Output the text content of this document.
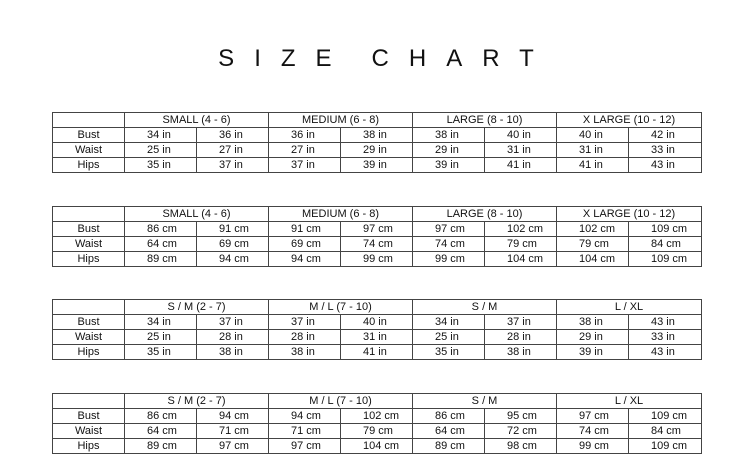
SIZE CHART
	SMALL (4 - 6)		MEDIUM (6 - 8)		LARGE (8 - 10)		X LARGE (10 - 12)	
Bust	34 in	36 in	36 in	38 in	38 in	40 in	40 in	42 in
Waist	25 in	27 in	27 in	29 in	29 in	31 in	31 in	33 in
Hips	35 in	37 in	37 in	39 in	39 in	41 in	41 in	43 in
	SMALL (4 - 6)		MEDIUM (6 - 8)		LARGE (8 - 10)		X LARGE (10 - 12)	
Bust	86 cm	91 cm	91 cm	97 cm	97 cm	102 cm	102 cm	109 cm
Waist	64 cm	69 cm	69 cm	74 cm	74 cm	79 cm	79 cm	84 cm
Hips	89 cm	94 cm	94 cm	99 cm	99 cm	104 cm	104 cm	109 cm
	S / M (2 - 7)		M / L (7 - 10)		S / M		L / XL	
Bust	34 in	37 in	37 in	40 in	34 in	37 in	38 in	43 in
Waist	25 in	28 in	28 in	31 in	25 in	28 in	29 in	33 in
Hips	35 in	38 in	38 in	41 in	35 in	38 in	39 in	43 in
	S / M (2 - 7)		M / L (7 - 10)		S / M		L / XL	
Bust	86 cm	94 cm	94 cm	102 cm	86 cm	95 cm	97 cm	109 cm
Waist	64 cm	71 cm	71 cm	79 cm	64 cm	72 cm	74 cm	84 cm
Hips	89 cm	97 cm	97 cm	104 cm	89 cm	98 cm	99 cm	109 cm
